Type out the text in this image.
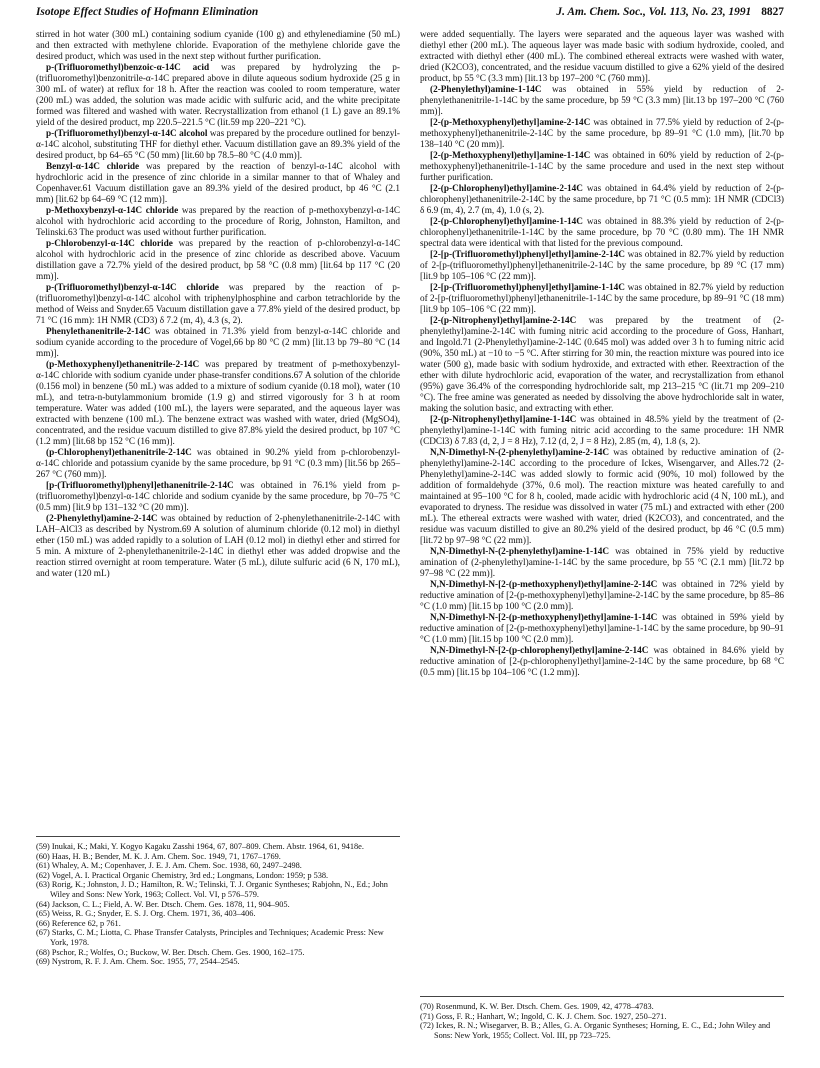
Isotope Effect Studies of Hofmann Elimination	J. Am. Chem. Soc., Vol. 113, No. 23, 1991 8827

stirred in hot water (300 mL) containing sodium cyanide (100 g) and ethylenediamine (50 mL) and then extracted with methylene chloride. Evaporation of the methylene chloride gave the desired product, which was used in the next step without further purification.

p-(Trifluoromethyl)benzoic-α-14C acid was prepared by hydrolyzing the p-(trifluoromethyl)benzonitrile-α-14C prepared above in dilute aqueous sodium hydroxide (25 g in 300 mL of water) at reflux for 18 h. After the reaction was cooled to room temperature, water (200 mL) was added, the solution was made acidic with sulfuric acid, and the white precipitate formed was filtered and washed with water. Recrystallization from ethanol (1 L) gave an 89.1% yield of the desired product, mp 220.5–221.5 °C (lit.59 mp 220–221 °C).

p-(Trifluoromethyl)benzyl-α-14C alcohol was prepared by the procedure outlined for benzyl-α-14C alcohol, substituting THF for diethyl ether. Vacuum distillation gave an 89.3% yield of the desired product, bp 64–65 °C (50 mm) [lit.60 bp 78.5–80 °C (4.0 mm)].

Benzyl-α-14C chloride was prepared by the reaction of benzyl-α-14C alcohol with hydrochloric acid in the presence of zinc chloride in a similar manner to that of Whaley and Copenhaver.61 Vacuum distillation gave an 89.3% yield of the desired product, bp 46 °C (2.1 mm) [lit.62 bp 64–69 °C (12 mm)].

p-Methoxybenzyl-α-14C chloride was prepared by the reaction of p-methoxybenzyl-α-14C alcohol with hydrochloric acid according to the procedure of Rorig, Johnston, Hamilton, and Telinski.63 The product was used without further purification.

p-Chlorobenzyl-α-14C chloride was prepared by the reaction of p-chlorobenzyl-α-14C alcohol with hydrochloric acid in the presence of zinc chloride as described above. Vacuum distillation gave a 72.7% yield of the desired product, bp 58 °C (0.8 mm) [lit.64 bp 117 °C (20 mm)].

p-(Trifluoromethyl)benzyl-α-14C chloride was prepared by the reaction of p-(trifluoromethyl)benzyl-α-14C alcohol with triphenylphosphine and carbon tetrachloride by the method of Weiss and Snyder.65 Vacuum distillation gave a 77.8% yield of the desired product, bp 71 °C (16 mm): 1H NMR (CD3) δ 7.2 (m, 4), 4.3 (s, 2).

Phenylethanenitrile-2-14C was obtained in 71.3% yield from benzyl-α-14C chloride and sodium cyanide according to the procedure of Vogel,66 bp 80 °C (2 mm) [lit.13 bp 79–80 °C (14 mm)].

(p-Methoxyphenyl)ethanenitrile-2-14C was prepared by treatment of p-methoxybenzyl-α-14C chloride with sodium cyanide under phase-transfer conditions.67 A solution of the chloride (0.156 mol) in benzene (50 mL) was added to a mixture of sodium cyanide (0.18 mol), water (10 mL), and tetra-n-butylammonium bromide (1.9 g) and stirred vigorously for 3 h at room temperature. Water was added (100 mL), the layers were separated, and the aqueous layer was extracted with benzene (100 mL). The benzene extract was washed with water, dried (MgSO4), concentrated, and the residue vacuum distilled to give 87.8% yield the desired product, bp 107 °C (1.2 mm) [lit.68 bp 152 °C (16 mm)].

(p-Chlorophenyl)ethanenitrile-2-14C was obtained in 90.2% yield from p-chlorobenzyl-α-14C chloride and potassium cyanide by the same procedure, bp 91 °C (0.3 mm) [lit.56 bp 265–267 °C (760 mm)].

[p-(Trifluoromethyl)phenyl]ethanenitrile-2-14C was obtained in 76.1% yield from p-(trifluoromethyl)benzyl-α-14C chloride and sodium cyanide by the same procedure, bp 70–75 °C (0.5 mm) [lit.9 bp 131–132 °C (20 mm)].

(2-Phenylethyl)amine-2-14C was obtained by reduction of 2-phenylethanenitrile-2-14C with LAH–AlCl3 as described by Nystrom.69 A solution of aluminum chloride (0.12 mol) in diethyl ether (150 mL) was added rapidly to a solution of LAH (0.12 mol) in diethyl ether and stirred for 5 min. A mixture of 2-phenylethanenitrile-2-14C in diethyl ether was added dropwise and the reaction stirred overnight at room temperature. Water (5 mL), dilute sulfuric acid (6 N, 170 mL), and water (120 mL)

were added sequentially. The layers were separated and the aqueous layer was washed with diethyl ether (200 mL). The aqueous layer was made basic with sodium hydroxide, cooled, and extracted with diethyl ether (400 mL). The combined ethereal extracts were washed with water, dried (K2CO3), concentrated, and the residue vacuum distilled to give a 62% yield of the desired product, bp 55 °C (3.3 mm) [lit.13 bp 197–200 °C (760 mm)].

(2-Phenylethyl)amine-1-14C was obtained in 55% yield by reduction of 2-phenylethanenitrile-1-14C by the same procedure, bp 59 °C (3.3 mm) [lit.13 bp 197–200 °C (760 mm)].

[2-(p-Methoxyphenyl)ethyl]amine-2-14C was obtained in 77.5% yield by reduction of 2-(p-methoxyphenyl)ethanenitrile-2-14C by the same procedure, bp 89–91 °C (1.0 mm), [lit.70 bp 138–140 °C (20 mm)].

[2-(p-Methoxyphenyl)ethyl]amine-1-14C was obtained in 60% yield by reduction of 2-(p-methoxyphenyl)ethanenitrile-1-14C by the same procedure and used in the next step without further purification.

[2-(p-Chlorophenyl)ethyl]amine-2-14C was obtained in 64.4% yield by reduction of 2-(p-chlorophenyl)ethanenitrile-2-14C by the same procedure, bp 71 °C (0.5 mm): 1H NMR (CDCl3) δ 6.9 (m, 4), 2.7 (m, 4), 1.0 (s, 2).

[2-(p-Chlorophenyl)ethyl]amine-1-14C was obtained in 88.3% yield by reduction of 2-(p-chlorophenyl)ethanenitrile-1-14C by the same procedure, bp 70 °C (0.80 mm). The 1H NMR spectral data were identical with that listed for the previous compound.

[2-[p-(Trifluoromethyl)phenyl]ethyl]amine-2-14C was obtained in 82.7% yield by reduction of 2-[p-(trifluoromethyl)phenyl]ethanenitrile-2-14C by the same procedure, bp 89 °C (17 mm) [lit.9 bp 105–106 °C (22 mm)].

[2-[p-(Trifluoromethyl)phenyl]ethyl]amine-1-14C was obtained in 82.7% yield by reduction of 2-[p-(trifluoromethyl)phenyl]ethanenitrile-1-14C by the same procedure, bp 89–91 °C (18 mm) [lit.9 bp 105–106 °C (22 mm)].

[2-(p-Nitrophenyl)ethyl]amine-2-14C was prepared by the treatment of (2-phenylethyl)amine-2-14C with fuming nitric acid according to the procedure of Goss, Hanhart, and Ingold.71 (2-Phenylethyl)amine-2-14C (0.645 mol) was added over 3 h to fuming nitric acid (90%, 350 mL) at −10 to −5 °C. After stirring for 30 min, the reaction mixture was poured into ice water (500 g), made basic with sodium hydroxide, and extracted with ether. Reextraction of the ether with dilute hydrochloric acid, evaporation of the water, and recrystallization from ethanol (95%) gave 36.4% of the corresponding hydrochloride salt, mp 213–215 °C (lit.71 mp 209–210 °C). The free amine was generated as needed by dissolving the above hydrochloride salt in water, making the solution basic, and extracting with ether.

[2-(p-Nitrophenyl)ethyl]amine-1-14C was obtained in 48.5% yield by the treatment of (2-phenylethyl)amine-1-14C with fuming nitric acid according to the same procedure: 1H NMR (CDCl3) δ 7.83 (d, 2, J = 8 Hz), 7.12 (d, 2, J = 8 Hz), 2.85 (m, 4), 1.8 (s, 2).

N,N-Dimethyl-N-(2-phenylethyl)amine-2-14C was obtained by reductive amination of (2-phenylethyl)amine-2-14C according to the procedure of Ickes, Wisengarver, and Alles.72 (2-Phenylethyl)amine-2-14C was added slowly to formic acid (90%, 10 mol) followed by the addition of formaldehyde (37%, 0.6 mol). The reaction mixture was heated carefully to and maintained at 95–100 °C for 8 h, cooled, made acidic with hydrochloric acid (4 N, 100 mL), and evaporated to dryness. The residue was dissolved in water (75 mL) and extracted with ether (200 mL). The ethereal extracts were washed with water, dried (K2CO3), and concentrated, and the residue was vacuum distilled to give an 80.2% yield of the desired product, bp 46 °C (0.5 mm) [lit.72 bp 97–98 °C (22 mm)].

N,N-Dimethyl-N-(2-phenylethyl)amine-1-14C was obtained in 75% yield by reductive amination of (2-phenylethyl)amine-1-14C by the same procedure, bp 55 °C (2.1 mm) [lit.72 bp 97–98 °C (22 mm)].

N,N-Dimethyl-N-[2-(p-methoxyphenyl)ethyl]amine-2-14C was obtained in 72% yield by reductive amination of [2-(p-methoxyphenyl)ethyl]amine-2-14C by the same procedure, bp 85–86 °C (1.0 mm) [lit.15 bp 100 °C (2.0 mm)].

N,N-Dimethyl-N-[2-(p-methoxyphenyl)ethyl]amine-1-14C was obtained in 59% yield by reductive amination of [2-(p-methoxyphenyl)ethyl]amine-1-14C by the same procedure, bp 90–91 °C (1.0 mm) [lit.15 bp 100 °C (2.0 mm)].

N,N-Dimethyl-N-[2-(p-chlorophenyl)ethyl]amine-2-14C was obtained in 84.6% yield by reductive amination of [2-(p-chlorophenyl)ethyl]amine-2-14C by the same procedure, bp 68 °C (0.5 mm) [lit.15 bp 104–106 °C (1.2 mm)].

(59) Inukai, K.; Maki, Y. Kogyo Kagaku Zasshi 1964, 67, 807–809. Chem. Abstr. 1964, 61, 9418e.

(60) Haas, H. B.; Bender, M. K. J. Am. Chem. Soc. 1949, 71, 1767–1769.

(61) Whaley, A. M.; Copenhaver, J. E. J. Am. Chem. Soc. 1938, 60, 2497–2498.

(62) Vogel, A. I. Practical Organic Chemistry, 3rd ed.; Longmans, London: 1959; p 538.

(63) Rorig, K.; Johnston, J. D.; Hamilton, R. W.; Telinski, T. J. Organic Syntheses; Rabjohn, N., Ed.; John Wiley and Sons: New York, 1963; Collect. Vol. VI, p 576–579.

(64) Jackson, C. L.; Field, A. W. Ber. Dtsch. Chem. Ges. 1878, 11, 904–905.

(65) Weiss, R. G.; Snyder, E. S. J. Org. Chem. 1971, 36, 403–406.

(66) Reference 62, p 761.

(67) Starks, C. M.; Liotta, C. Phase Transfer Catalysts, Principles and Techniques; Academic Press: New York, 1978.

(68) Pschor, R.; Wolfes, O.; Buckow, W. Ber. Dtsch. Chem. Ges. 1900, 162–175.

(69) Nystrom, R. F. J. Am. Chem. Soc. 1955, 77, 2544–2545.

(70) Rosenmund, K. W. Ber. Dtsch. Chem. Ges. 1909, 42, 4778–4783.

(71) Goss, F. R.; Hanhart, W.; Ingold, C. K. J. Chem. Soc. 1927, 250–271.

(72) Ickes, R. N.; Wisegarver, B. B.; Alles, G. A. Organic Syntheses; Horning, E. C., Ed.; John Wiley and Sons: New York, 1955; Collect. Vol. III, pp 723–725.
